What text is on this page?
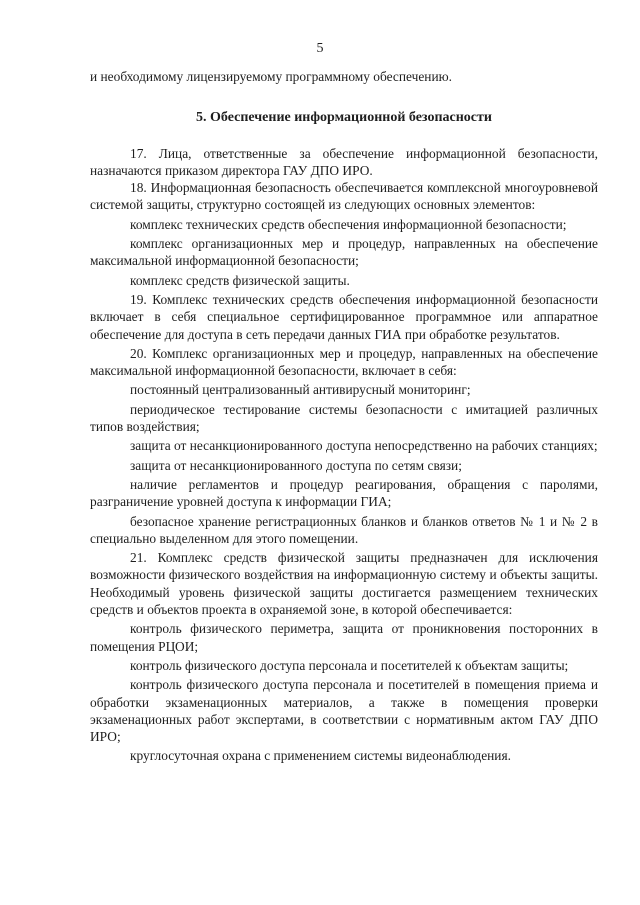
5

и необходимому лицензируемому программному обеспечению.

5. Обеспечение информационной безопасности

17. Лица, ответственные за обеспечение информационной безопасности, назначаются приказом директора ГАУ ДПО ИРО.

18. Информационная безопасность обеспечивается комплексной многоуровневой системой защиты, структурно состоящей из следующих основных элементов:

комплекс технических средств обеспечения информационной безопасности;

комплекс организационных мер и процедур, направленных на обеспечение максимальной информационной безопасности;

комплекс средств физической защиты.

19. Комплекс технических средств обеспечения информационной безопасности включает в себя специальное сертифицированное программное или аппаратное обеспечение для доступа в сеть передачи данных ГИА при обработке результатов.

20. Комплекс организационных мер и процедур, направленных на обеспечение максимальной информационной безопасности, включает в себя:

постоянный централизованный антивирусный мониторинг;

периодическое тестирование системы безопасности с имитацией различных типов воздействия;

защита от несанкционированного доступа непосредственно на рабочих станциях;

защита от несанкционированного доступа по сетям связи;

наличие регламентов и процедур реагирования, обращения с паролями, разграничение уровней доступа к информации ГИА;

безопасное хранение регистрационных бланков и бланков ответов № 1 и № 2 в специально выделенном для этого помещении.

21. Комплекс средств физической защиты предназначен для исключения возможности физического воздействия на информационную систему и объекты защиты. Необходимый уровень физической защиты достигается размещением технических средств и объектов проекта в охраняемой зоне, в которой обеспечивается:

контроль физического периметра, защита от проникновения посторонних в помещения РЦОИ;

контроль физического доступа персонала и посетителей к объектам защиты;

контроль физического доступа персонала и посетителей в помещения приема и обработки экзаменационных материалов, а также в помещения проверки экзаменационных работ экспертами, в соответствии с нормативным актом ГАУ ДПО ИРО;

круглосуточная охрана с применением системы видеонаблюдения.
